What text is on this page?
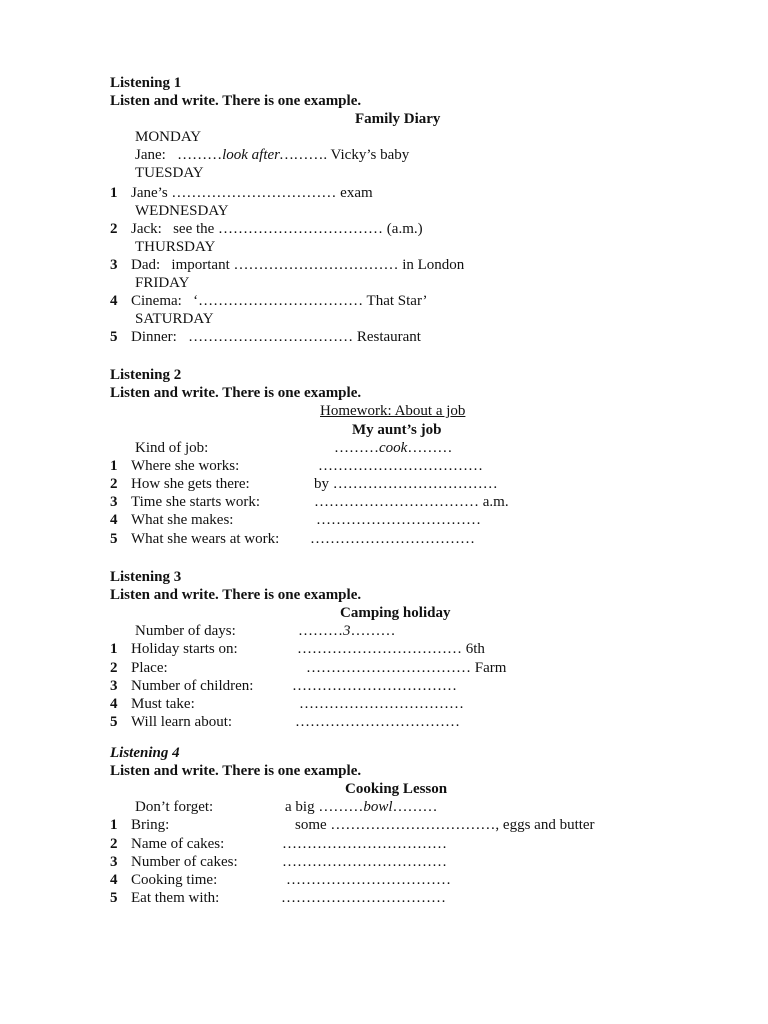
Listening 1
Listen and write. There is one example.
Family Diary
MONDAY
Jane:   ………look after………. Vicky’s baby
TUESDAY
1 Jane’s …………………………… exam
WEDNESDAY
2 Jack:   see the …………………………… (a.m.)
THURSDAY
3 Dad:   important …………………………… in London
FRIDAY
4 Cinema:   ‘…………………………… That Star’
SATURDAY
5 Dinner:   …………………………… Restaurant
Listening 2
Listen and write. There is one example.
Homework: About a job
My aunt’s job
Kind of job:	………cook………
1 Where she works:	……………………………
2 How she gets there:	by ……………………………
3 Time she starts work:	…………………………… a.m.
4 What she makes:	……………………………
5 What she wears at work: ……………………………
Listening 3
Listen and write. There is one example.
Camping holiday
Number of days:	………3………
1 Holiday starts on:	…………………………… 6th
2 Place:	…………………………… Farm
3 Number of children:	……………………………
4 Must take:	……………………………
5 Will learn about:	……………………………
Listening 4
Listen and write. There is one example.
Cooking Lesson
Don’t forget:	a big ………bowl………
1 Bring:	some ……………………………, eggs and butter
2 Name of cakes:	……………………………
3 Number of cakes:	……………………………
4 Cooking time:	……………………………
5 Eat them with:	……………………………
